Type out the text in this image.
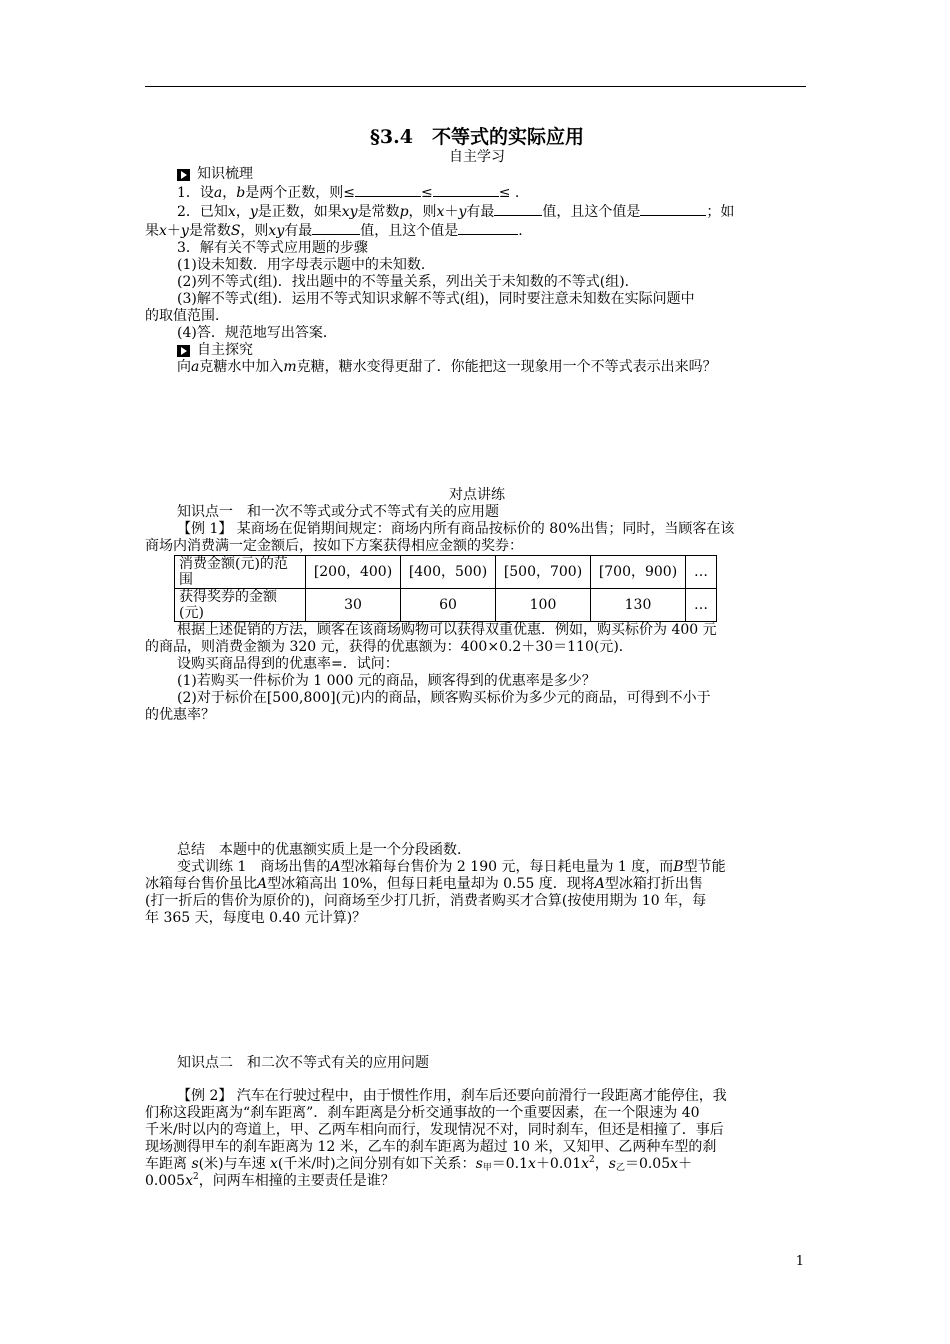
§3.4　不等式的实际应用
自主学习
知识梳理

1．设a，b是两个正数，则≤	≤	≤ .

2．已知x，y是正数，如果xy是常数p，则x＋y有最	值，且这个值是	；如

果x＋y是常数S，则xy有最	值，且这个值是	.

3．解有关不等式应用题的步骤

(1)设未知数．用字母表示题中的未知数．

(2)列不等式(组)．找出题中的不等量关系，列出关于未知数的不等式(组)．

(3)解不等式(组)．运用不等式知识求解不等式(组)，同时要注意未知数在实际问题中

的取值范围．

(4)答．规范地写出答案．

自主探究

向a克糖水中加入m克糖，糖水变得更甜了．你能把这一现象用一个不等式表示出来吗？

对点讲练

知识点一　和一次不等式或分式不等式有关的应用题

【例 1】 某商场在促销期间规定：商场内所有商品按标价的 80%出售；同时，当顾客在该

商场内消费满一定金额后，按如下方案获得相应金额的奖券：

消费金额(元)的范围	[200，400)	[400，500)	[500，700)	[700，900)	…
获得奖券的金额(元)	30	60	100	130	…

根据上述促销的方法，顾客在该商场购物可以获得双重优惠．例如，购买标价为 400 元

的商品，则消费金额为 320 元，获得的优惠额为：400×0.2＋30＝110(元)．

设购买商品得到的优惠率=．试问：

(1)若购买一件标价为 1 000 元的商品，顾客得到的优惠率是多少？

(2)对于标价在[500,800](元)内的商品，顾客购买标价为多少元的商品，可得到不小于

的优惠率？

总结　本题中的优惠额实质上是一个分段函数．

变式训练 1　商场出售的A型冰箱每台售价为 2 190 元，每日耗电量为 1 度，而B型节能

冰箱每台售价虽比A型冰箱高出 10%，但每日耗电量却为 0.55 度．现将A型冰箱打折出售

(打一折后的售价为原价的)，问商场至少打几折，消费者购买才合算(按使用期为 10 年，每

年 365 天，每度电 0.40 元计算)？

知识点二　和二次不等式有关的应用问题

【例 2】 汽车在行驶过程中，由于惯性作用，刹车后还要向前滑行一段距离才能停住，我

们称这段距离为“刹车距离”．刹车距离是分析交通事故的一个重要因素，在一个限速为 40

千米/时以内的弯道上，甲、乙两车相向而行，发现情况不对，同时刹车，但还是相撞了．事后

现场测得甲车的刹车距离为 12 米，乙车的刹车距离为超过 10 米，又知甲、乙两种车型的刹

车距离 s(米)与车速 x(千米/时)之间分别有如下关系：$s_甲=0.1x+0.01x^2$，$s_乙=0.05x+$

$0.005x^2$，问两车相撞的主要责任是谁？

1
